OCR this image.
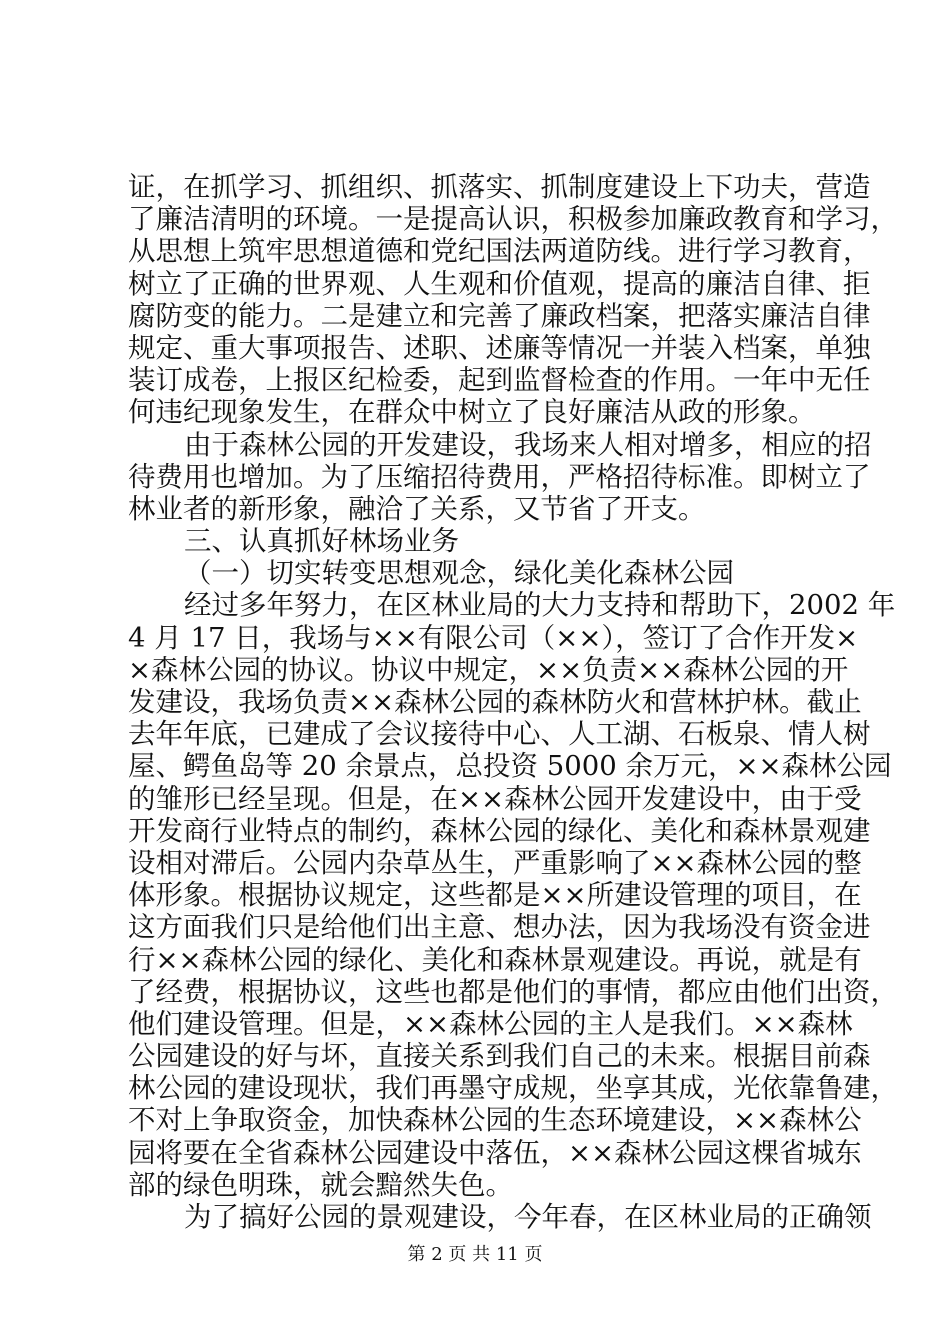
证，在抓学习、抓组织、抓落实、抓制度建设上下功夫，营造
了廉洁清明的环境。一是提高认识，积极参加廉政教育和学习，
从思想上筑牢思想道德和党纪国法两道防线。进行学习教育，
树立了正确的世界观、人生观和价值观，提高的廉洁自律、拒
腐防变的能力。二是建立和完善了廉政档案，把落实廉洁自律
规定、重大事项报告、述职、述廉等情况一并装入档案，单独
装订成卷，上报区纪检委，起到监督检查的作用。一年中无任
何违纪现象发生，在群众中树立了良好廉洁从政的形象。
由于森林公园的开发建设，我场来人相对增多，相应的招
待费用也增加。为了压缩招待费用，严格招待标准。即树立了
林业者的新形象，融洽了关系，又节省了开支。
三、认真抓好林场业务
（一）切实转变思想观念，绿化美化森林公园
经过多年努力，在区林业局的大力支持和帮助下，2002 年
4 月 17 日，我场与××有限公司（××），签订了合作开发×
×森林公园的协议。协议中规定，××负责××森林公园的开
发建设，我场负责××森林公园的森林防火和营林护林。截止
去年年底，已建成了会议接待中心、人工湖、石板泉、情人树
屋、鳄鱼岛等 20 余景点，总投资 5000 余万元，××森林公园
的雏形已经呈现。但是，在××森林公园开发建设中，由于受
开发商行业特点的制约，森林公园的绿化、美化和森林景观建
设相对滞后。公园内杂草丛生，严重影响了××森林公园的整
体形象。根据协议规定，这些都是××所建设管理的项目，在
这方面我们只是给他们出主意、想办法，因为我场没有资金进
行××森林公园的绿化、美化和森林景观建设。再说，就是有
了经费，根据协议，这些也都是他们的事情，都应由他们出资，
他们建设管理。但是，××森林公园的主人是我们。××森林
公园建设的好与坏，直接关系到我们自己的未来。根据目前森
林公园的建设现状，我们再墨守成规，坐享其成，光依靠鲁建，
不对上争取资金，加快森林公园的生态环境建设，××森林公
园将要在全省森林公园建设中落伍，××森林公园这棵省城东
部的绿色明珠，就会黯然失色。
为了搞好公园的景观建设，今年春，在区林业局的正确领
第 2 页 共 11 页
